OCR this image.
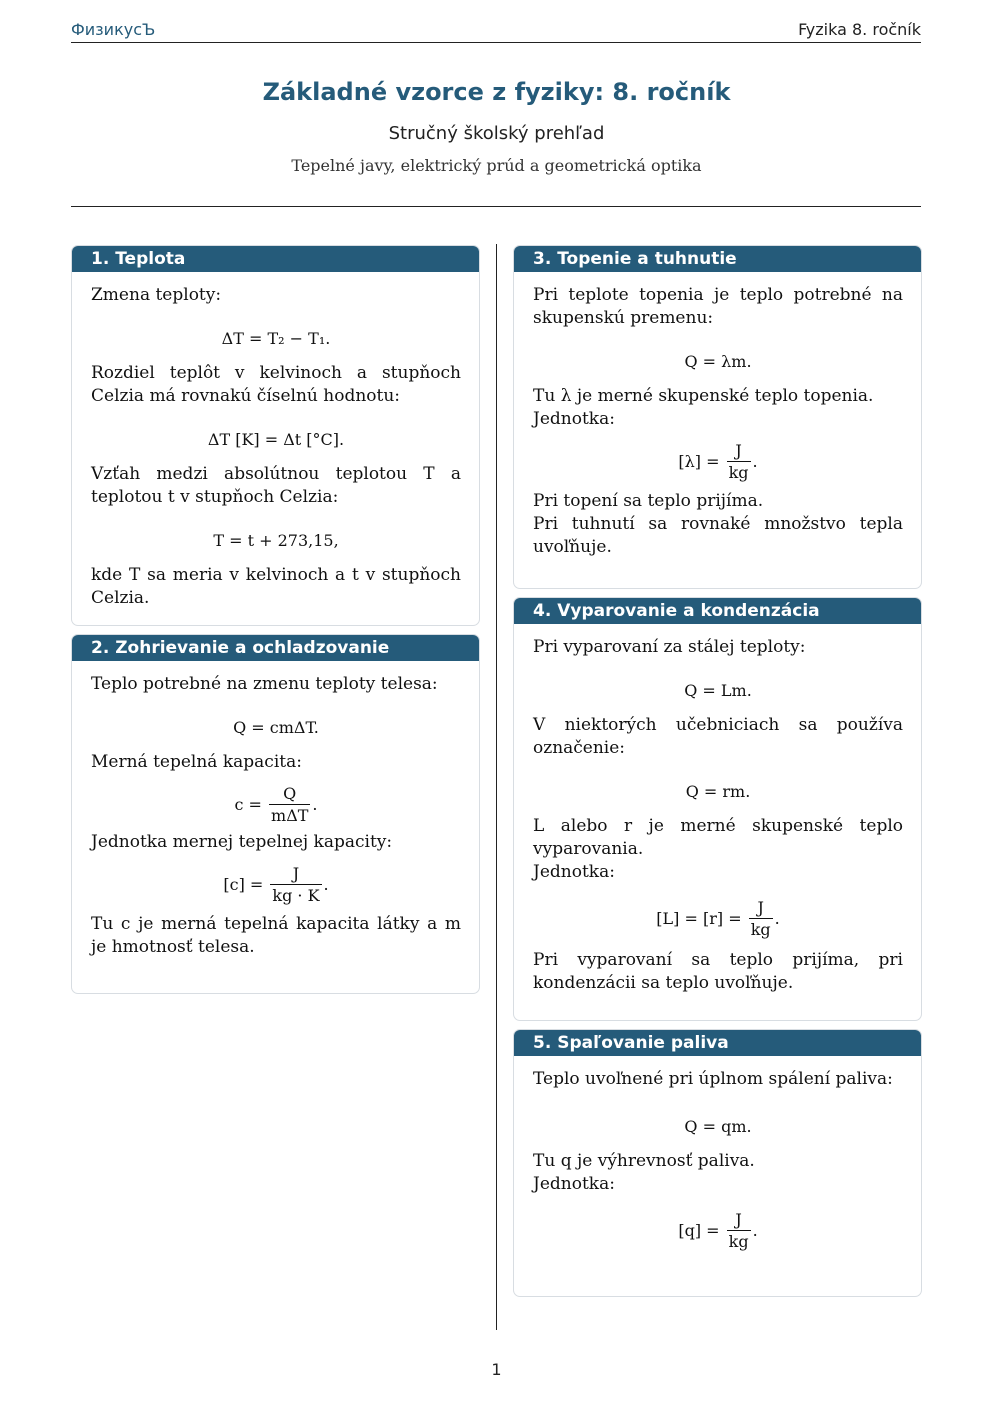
ФизикусЪ	Fyzika 8. ročník
Základné vzorce z fyziky: 8. ročník
Stručný školský prehľad
Tepelné javy, elektrický prúd a geometrická optika
1. Teplota

Zmena teploty:

ΔT = T₂ − T₁.

Rozdiel teplôt v kelvinoch a stupňoch Celzia má rovnakú číselnú hodnotu:

ΔT [K] = Δt [°C].

Vzťah medzi absolútnou teplotou T a teplotou t v stupňoch Celzia:

T = t + 273,15,

kde T sa meria v kelvinoch a t v stupňoch Celzia.

2. Zohrievanie a ochladzovanie

Teplo potrebné na zmenu teploty telesa:

Q = cmΔT.

Merná tepelná kapacita:

$c = \frac{Q}{\text{mΔT}}$ .

Jednotka mernej tepelnej kapacity:

$[c] = \frac{J}{kg \cdot K}$ .

Tu c je merná tepelná kapacita látky a m je hmotnosť telesa.

3. Topenie a tuhnutie

Pri teplote topenia je teplo potrebné na skupenskú premenu:

Q = λm.

Tu λ je merné skupenské teplo topenia.

Jednotka:

$[\lambda] = \frac{J}{kg}$ .

Pri topení sa teplo prijíma.

Pri tuhnutí sa rovnaké množstvo tepla uvoľňuje.

4. Vyparovanie a kondenzácia

Pri vyparovaní za stálej teploty:

Q = Lm.

V niektorých učebniciach sa používa označenie:

Q = rm.

L alebo r je merné skupenské teplo vyparovania.

Jednotka:

$[L] = [r] = \frac{J}{kg}$ .

Pri vyparovaní sa teplo prijíma, pri kondenzácii sa teplo uvoľňuje.

5. Spaľovanie paliva

Teplo uvoľnené pri úplnom spálení paliva:

Q = qm.

Tu q je výhrevnosť paliva.

Jednotka:

$[q] = \frac{J}{kg}$ .
1
